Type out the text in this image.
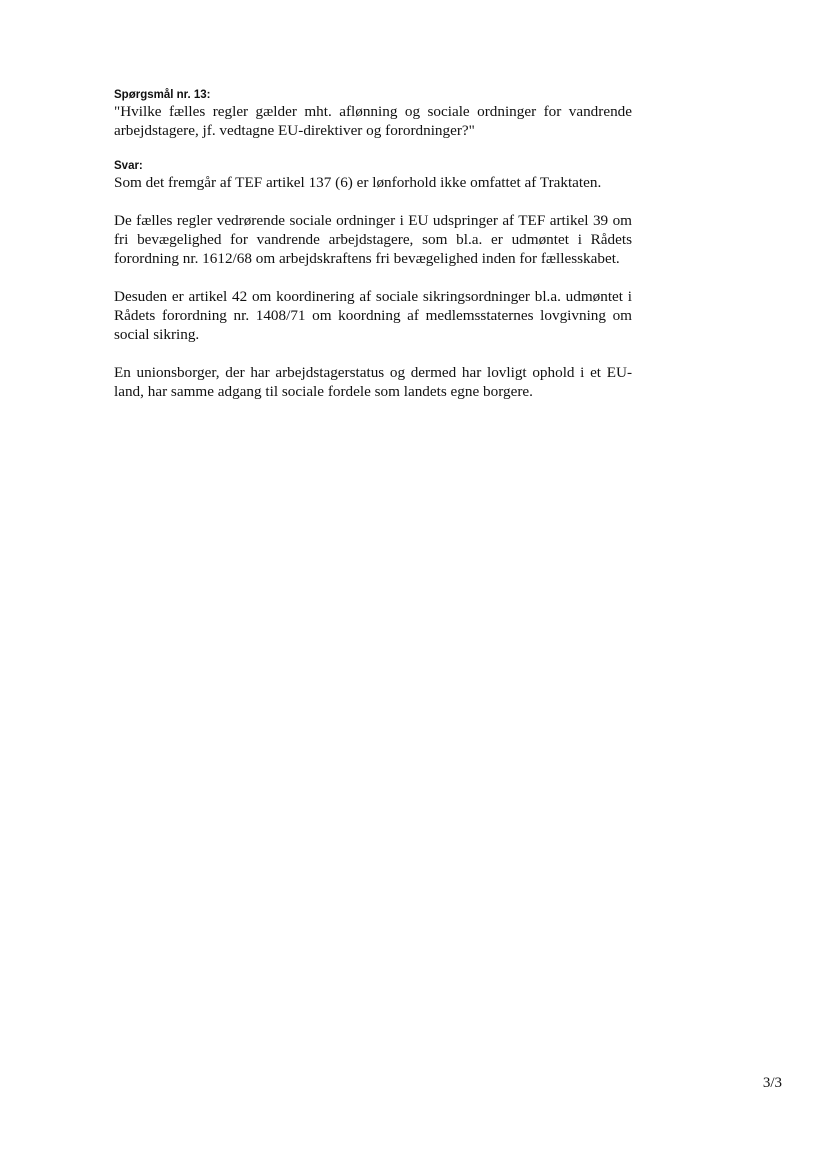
Spørgsmål nr. 13:

"Hvilke fælles regler gælder mht. aflønning og sociale ordninger for vandrende arbejdstagere, jf. vedtagne EU-direktiver og forordninger?"

Svar:

Som det fremgår af TEF artikel 137 (6) er lønforhold ikke omfattet af Traktaten.

De fælles regler vedrørende sociale ordninger i EU udspringer af TEF artikel 39 om fri bevægelighed for vandrende arbejdstagere, som bl.a. er udmøntet i Rådets forordning nr. 1612/68 om arbejdskraftens fri bevægelighed inden for fællesskabet.

Desuden er artikel 42 om koordinering af sociale sikringsordninger bl.a. udmøntet i Rådets forordning nr. 1408/71 om koordning af medlemsstaternes lovgivning om social sikring.

En unionsborger, der har arbejdstagerstatus og dermed har lovligt ophold i et EU-land, har samme adgang til sociale fordele som landets egne borgere.

3/3
